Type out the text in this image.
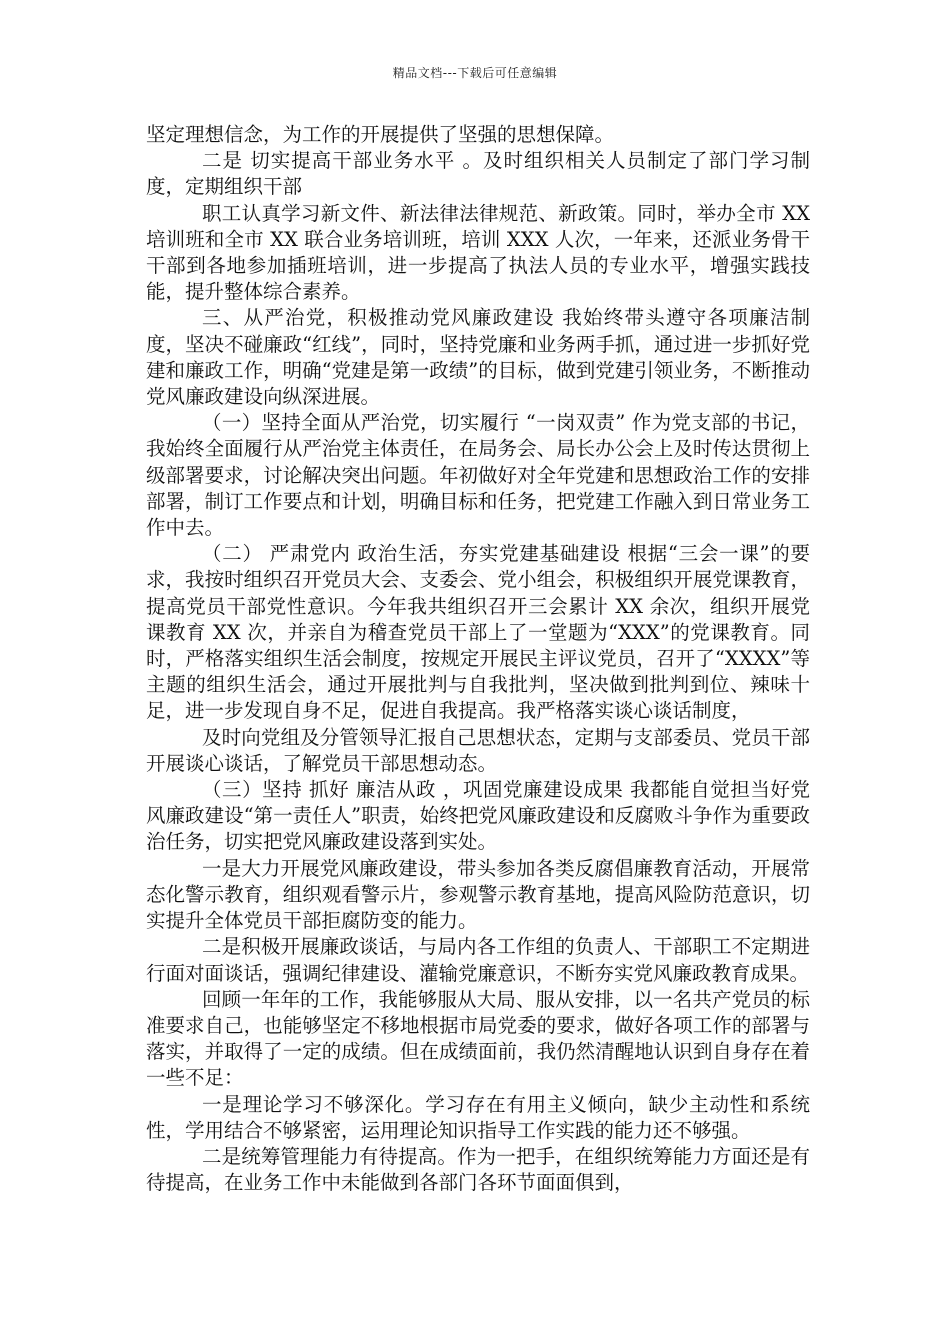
精品文档---下载后可任意编辑

坚定理想信念，为工作的开展提供了坚强的思想保障。

二是 切实提高干部业务水平 。及时组织相关人员制定了部门学习制度，定期组织干部

职工认真学习新文件、新法律法律规范、新政策。同时，举办全市 XX培训班和全市 XX 联合业务培训班，培训 XXX 人次，一年来，还派业务骨干干部到各地参加插班培训，进一步提高了执法人员的专业水平，增强实践技能，提升整体综合素养。

三、从严治党，积极推动党风廉政建设 我始终带头遵守各项廉洁制度，坚决不碰廉政“红线”，同时，坚持党廉和业务两手抓，通过进一步抓好党建和廉政工作，明确“党建是第一政绩”的目标，做到党建引领业务，不断推动党风廉政建设向纵深进展。

（一）坚持全面从严治党，切实履行 “一岗双责” 作为党支部的书记，我始终全面履行从严治党主体责任，在局务会、局长办公会上及时传达贯彻上级部署要求，讨论解决突出问题。年初做好对全年党建和思想政治工作的安排部署，制订工作要点和计划，明确目标和任务，把党建工作融入到日常业务工作中去。

（二） 严肃党内 政治生活，夯实党建基础建设 根据“三会一课”的要求，我按时组织召开党员大会、支委会、党小组会，积极组织开展党课教育，提高党员干部党性意识。今年我共组织召开三会累计 XX 余次，组织开展党课教育 XX 次，并亲自为稽查党员干部上了一堂题为“XXX”的党课教育。同时，严格落实组织生活会制度，按规定开展民主评议党员，召开了“XXXX”等主题的组织生活会，通过开展批判与自我批判，坚决做到批判到位、辣味十足，进一步发现自身不足，促进自我提高。我严格落实谈心谈话制度，

及时向党组及分管领导汇报自己思想状态，定期与支部委员、党员干部开展谈心谈话，了解党员干部思想动态。

（三）坚持 抓好 廉洁从政 ，巩固党廉建设成果 我都能自觉担当好党风廉政建设“第一责任人”职责，始终把党风廉政建设和反腐败斗争作为重要政治任务，切实把党风廉政建设落到实处。

一是大力开展党风廉政建设，带头参加各类反腐倡廉教育活动，开展常态化警示教育，组织观看警示片，参观警示教育基地，提高风险防范意识，切实提升全体党员干部拒腐防变的能力。

二是积极开展廉政谈话，与局内各工作组的负责人、干部职工不定期进行面对面谈话，强调纪律建设、灌输党廉意识，不断夯实党风廉政教育成果。

回顾一年年的工作，我能够服从大局、服从安排，以一名共产党员的标准要求自己，也能够坚定不移地根据市局党委的要求，做好各项工作的部署与落实，并取得了一定的成绩。但在成绩面前，我仍然清醒地认识到自身存在着一些不足：

一是理论学习不够深化。学习存在有用主义倾向，缺少主动性和系统性，学用结合不够紧密，运用理论知识指导工作实践的能力还不够强。

二是统筹管理能力有待提高。作为一把手，在组织统筹能力方面还是有待提高，在业务工作中未能做到各部门各环节面面俱到，
